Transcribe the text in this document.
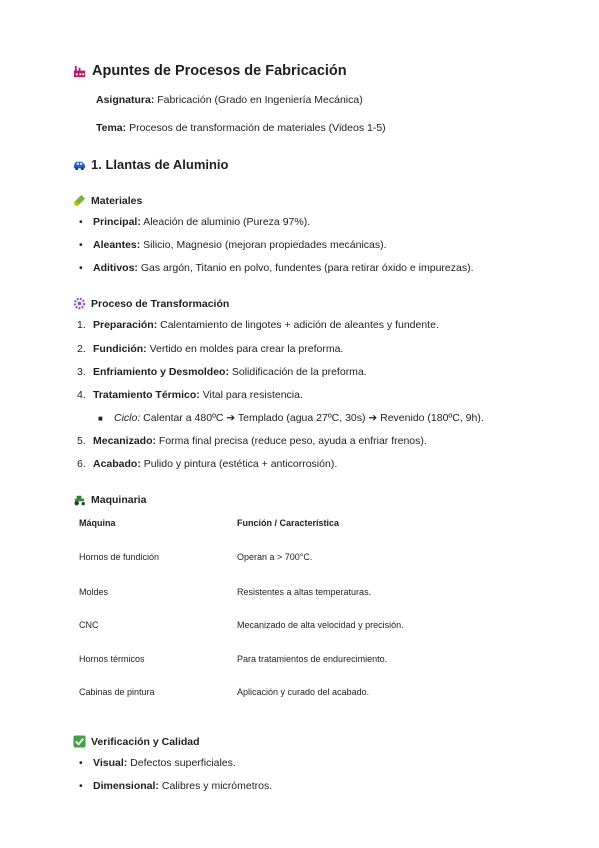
Apuntes de Procesos de Fabricación
Asignatura: Fabricación (Grado en Ingeniería Mecánica)
Tema: Procesos de transformación de materiales (Videos 1-5)
1. Llantas de Aluminio
Materiales
• Principal: Aleación de aluminio (Pureza 97%).
• Aleantes: Silicio, Magnesio (mejoran propiedades mecánicas).
• Aditivos: Gas argón, Titanio en polvo, fundentes (para retirar óxido e impurezas).
Proceso de Transformación
1. Preparación: Calentamiento de lingotes + adición de aleantes y fundente.
2. Fundición: Vertido en moldes para crear la preforma.
3. Enfriamiento y Desmoldeo: Solidificación de la preforma.
4. Tratamiento Térmico: Vital para resistencia.
■ Ciclo: Calentar a 480ºC ➔ Templado (agua 27ºC, 30s) ➔ Revenido (180ºC, 9h).
5. Mecanizado: Forma final precisa (reduce peso, ayuda a enfriar frenos).
6. Acabado: Pulido y pintura (estética + anticorrosión).
Maquinaria
Máquina	Función / Característica
Hornos de fundición	Operan a > 700°C.
Moldes	Resistentes a altas temperaturas.
CNC	Mecanizado de alta velocidad y precisión.
Hornos térmicos	Para tratamientos de endurecimiento.
Cabinas de pintura	Aplicación y curado del acabado.
Verificación y Calidad
• Visual: Defectos superficiales.
• Dimensional: Calibres y micrómetros.
